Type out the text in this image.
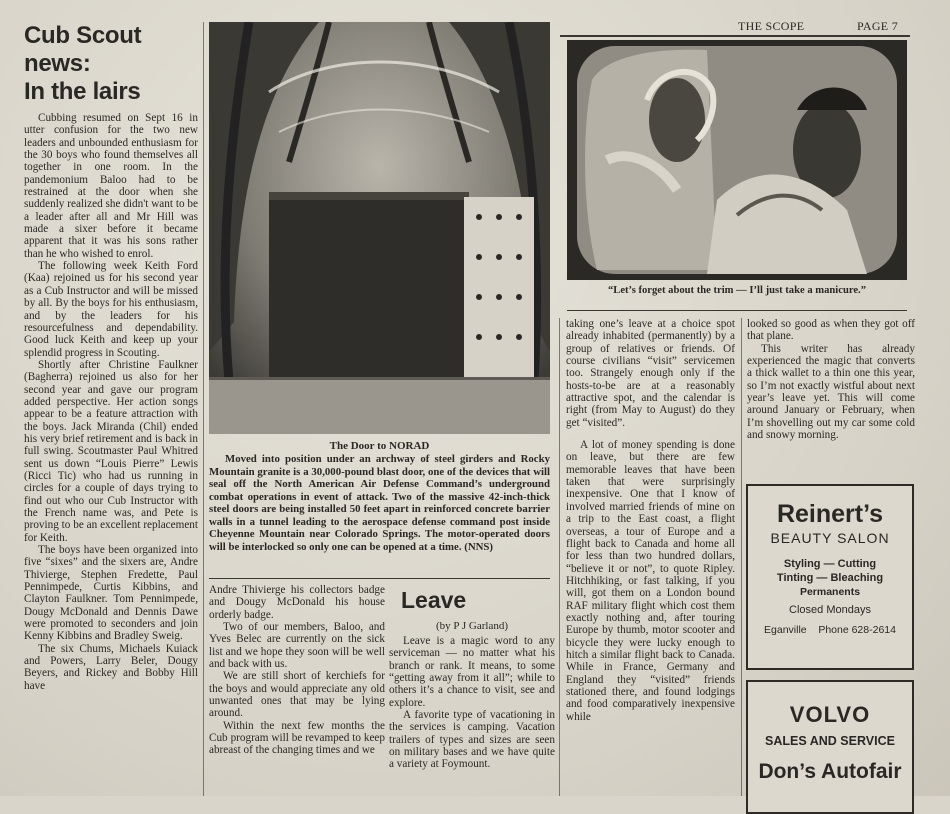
THE SCOPE	PAGE 7
Cub Scout news:
In the lairs

Cubbing resumed on Sept 16 in utter confusion for the two new leaders and unbounded enthusiasm for the 30 boys who found themselves all together in one room. In the pandemonium Baloo had to be restrained at the door when she suddenly realized she didn't want to be a leader after all and Mr Hill was made a sixer before it became apparent that it was his sons rather than he who wished to enrol.

The following week Keith Ford (Kaa) rejoined us for his second year as a Cub Instructor and will be missed by all. By the boys for his enthusiasm, and by the leaders for his resourcefulness and dependability. Good luck Keith and keep up your splendid progress in Scouting.

Shortly after Christine Faulkner (Bagherra) rejoined us also for her second year and gave our program added perspective. Her action songs appear to be a feature attraction with the boys. Jack Miranda (Chil) ended his very brief retirement and is back in full swing. Scoutmaster Paul Whitred sent us down “Louis Pierre” Lewis (Ricci Tic) who had us running in circles for a couple of days trying to find out who our Cub Instructor with the French name was, and Pete is proving to be an excellent replacement for Keith.

The boys have been organized into five “sixes” and the sixers are, Andre Thivierge, Stephen Fredette, Paul Pennimpede, Curtis Kibbins, and Clayton Faulkner. Tom Pennimpede, Dougy McDonald and Dennis Dawe were promoted to seconders and join Kenny Kibbins and Bradley Sweig.

The six Chums, Michaels Kuiack and Powers, Larry Beler, Dougy Beyers, and Rickey and Bobby Hill have

The Door to NORAD

Moved into position under an archway of steel girders and Rocky Mountain granite is a 30,000-pound blast door, one of the devices that will seal off the North American Air Defense Command’s underground combat operations in event of attack. Two of the massive 42-inch-thick steel doors are being installed 50 feet apart in reinforced concrete barrier walls in a tunnel leading to the aerospace defense command post inside Cheyenne Mountain near Colorado Springs. The motor-operated doors will be interlocked so only one can be opened at a time. (NNS)

“Let’s forget about the trim — I’ll just take a manicure.”

Andre Thivierge his collectors badge and Dougy McDonald his house orderly badge.

Two of our members, Baloo, and Yves Belec are currently on the sick list and we hope they soon will be well and back with us.

We are still short of kerchiefs for the boys and would appreciate any old unwanted ones that may be lying around.

Within the next few months the Cub program will be revamped to keep abreast of the changing times and we

Leave
(by P J Garland)

Leave is a magic word to any serviceman — no matter what his branch or rank. It means, to some “getting away from it all”; while to others it’s a chance to visit, see and explore.

A favorite type of vacationing in the services is camping. Vacation trailers of types and sizes are seen on military bases and we have quite a variety at Foymount.

taking one’s leave at a choice spot already inhabited (permanently) by a group of relatives or friends. Of course civilians “visit” servicemen too. Strangely enough only if the hosts-to-be are at a reasonably attractive spot, and the calendar is right (from May to August) do they get “visited”.

A lot of money spending is done on leave, but there are few memorable leaves that have been taken that were surprisingly inexpensive. One that I know of involved married friends of mine on a trip to the East coast, a flight overseas, a tour of Europe and a flight back to Canada and home all for less than two hundred dollars, “believe it or not”, to quote Ripley. Hitchhiking, or fast talking, if you will, got them on a London bound RAF military flight which cost them exactly nothing and, after touring Europe by thumb, motor scooter and bicycle they were lucky enough to hitch a similar flight back to Canada. While in France, Germany and England they “visited” friends stationed there, and found lodgings and food comparatively inexpensive while

looked so good as when they got off that plane.

This writer has already experienced the magic that converts a thick wallet to a thin one this year, so I’m not exactly wistful about next year’s leave yet. This will come around January or February, when I’m shovelling out my car some cold and snowy morning.

Reinert’s
BEAUTY SALON
Styling — Cutting
Tinting — Bleaching
Permanents
Closed Mondays
Eganville Phone 628-2614
VOLVO
SALES AND SERVICE
Don’s Autofair
